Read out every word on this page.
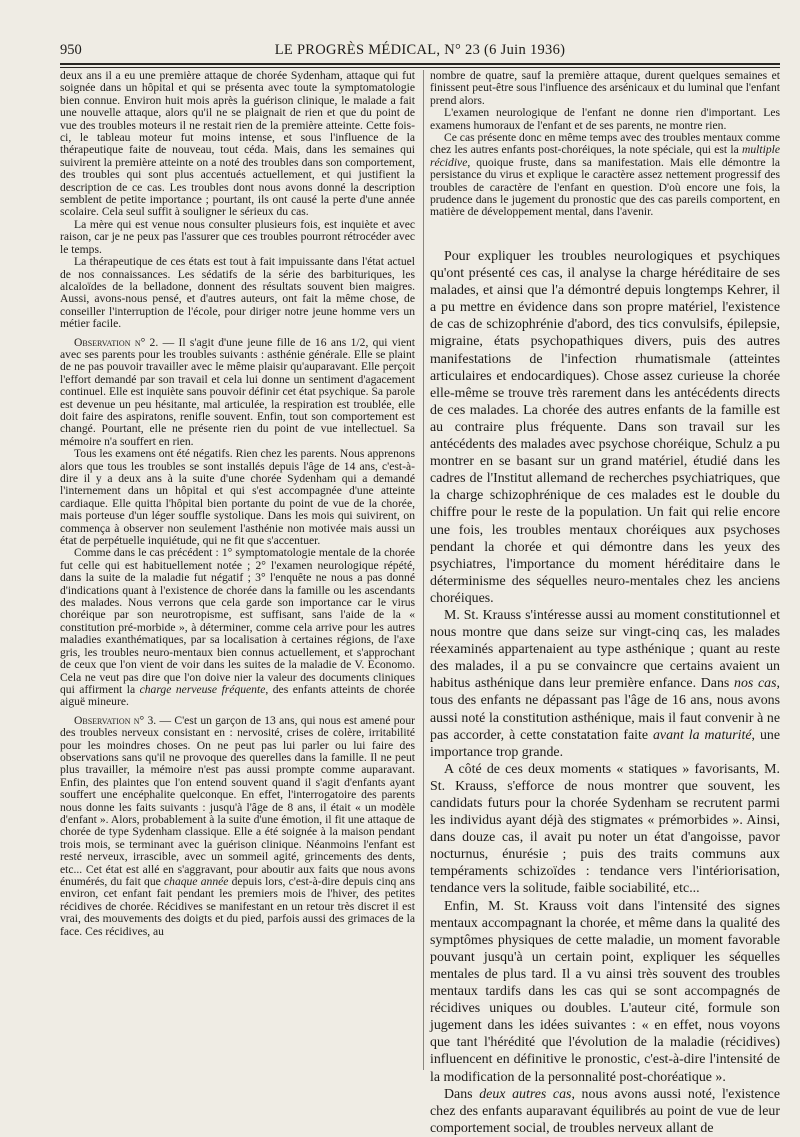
950	LE PROGRÈS MÉDICAL, N° 23 (6 Juin 1936)

deux ans il a eu une première attaque de chorée Sydenham, attaque qui fut soignée dans un hôpital et qui se présenta avec toute la symptomatologie bien connue. Environ huit mois après la guérison clinique, le malade a fait une nouvelle attaque, alors qu'il ne se plaignait de rien et que du point de vue des troubles moteurs il ne restait rien de la première atteinte. Cette fois-ci, le tableau moteur fut moins intense, et sous l'influence de la thérapeutique faite de nouveau, tout céda. Mais, dans les semaines qui suivirent la première atteinte on a noté des troubles dans son comportement, des troubles qui sont plus accentués actuellement, et qui justifient la description de ce cas. Les troubles dont nous avons donné la description semblent de petite importance ; pourtant, ils ont causé la perte d'une année scolaire. Cela seul suffit à souligner le sérieux du cas.

La mère qui est venue nous consulter plusieurs fois, est inquiète et avec raison, car je ne peux pas l'assurer que ces troubles pourront rétrocéder avec le temps.

La thérapeutique de ces états est tout à fait impuissante dans l'état actuel de nos connaissances. Les sédatifs de la série des barbituriques, les alcaloïdes de la belladone, donnent des résultats souvent bien maigres. Aussi, avons-nous pensé, et d'autres auteurs, ont fait la même chose, de conseiller l'interruption de l'école, pour diriger notre jeune homme vers un métier facile.

Observation n° 2. — Il s'agit d'une jeune fille de 16 ans 1/2, qui vient avec ses parents pour les troubles suivants : asthénie générale. Elle se plaint de ne pas pouvoir travailler avec le même plaisir qu'auparavant. Elle perçoit l'effort demandé par son travail et cela lui donne un sentiment d'agacement continuel. Elle est inquiète sans pouvoir définir cet état psychique. Sa parole est devenue un peu hésitante, mal articulée, la respiration est troublée, elle doit faire des aspiratons, renifle souvent. Enfin, tout son comportement est changé. Pourtant, elle ne présente rien du point de vue intellectuel. Sa mémoire n'a souffert en rien.

Tous les examens ont été négatifs. Rien chez les parents. Nous apprenons alors que tous les troubles se sont installés depuis l'âge de 14 ans, c'est-à-dire il y a deux ans à la suite d'une chorée Sydenham qui a demandé l'internement dans un hôpital et qui s'est accompagnée d'une atteinte cardiaque. Elle quitta l'hôpital bien portante du point de vue de la chorée, mais porteuse d'un léger souffle systolique. Dans les mois qui suivirent, on commença à observer non seulement l'asthénie non motivée mais aussi un état de perpétuelle inquiétude, qui ne fit que s'accentuer.

Comme dans le cas précédent : 1° symptomatologie mentale de la chorée fut celle qui est habituellement notée ; 2° l'examen neurologique répété, dans la suite de la maladie fut négatif ; 3° l'enquête ne nous a pas donné d'indications quant à l'existence de chorée dans la famille ou les ascendants des malades. Nous verrons que cela garde son importance car le virus choréique par son neurotropisme, est suffisant, sans l'aide de la « constitution pré-morbide », à déterminer, comme cela arrive pour les autres maladies exanthématiques, par sa localisation à certaines régions, de l'axe gris, les troubles neuro-mentaux bien connus actuellement, et s'approchant de ceux que l'on vient de voir dans les suites de la maladie de V. Economo. Cela ne veut pas dire que l'on doive nier la valeur des documents cliniques qui affirment la charge nerveuse fréquente, des enfants atteints de chorée aiguë mineure.

Observation n° 3. — C'est un garçon de 13 ans, qui nous est amené pour des troubles nerveux consistant en : nervosité, crises de colère, irritabilité pour les moindres choses. On ne peut pas lui parler ou lui faire des observations sans qu'il ne provoque des querelles dans la famille. Il ne peut plus travailler, la mémoire n'est pas aussi prompte comme auparavant. Enfin, des plaintes que l'on entend souvent quand il s'agit d'enfants ayant souffert une encéphalite quelconque. En effet, l'interrogatoire des parents nous donne les faits suivants : jusqu'à l'âge de 8 ans, il était « un modèle d'enfant ». Alors, probablement à la suite d'une émotion, il fit une attaque de chorée de type Sydenham classique. Elle a été soignée à la maison pendant trois mois, se terminant avec la guérison clinique. Néanmoins l'enfant est resté nerveux, irrascible, avec un sommeil agité, grincements des dents, etc... Cet état est allé en s'aggravant, pour aboutir aux faits que nous avons énumérés, du fait que chaque année depuis lors, c'est-à-dire depuis cinq ans environ, cet enfant fait pendant les premiers mois de l'hiver, des petites récidives de chorée. Récidives se manifestant en un retour très discret il est vrai, des mouvements des doigts et du pied, parfois aussi des grimaces de la face. Ces récidives, au

nombre de quatre, sauf la première attaque, durent quelques semaines et finissent peut-être sous l'influence des arsénicaux et du luminal que l'enfant prend alors.

L'examen neurologique de l'enfant ne donne rien d'important. Les examens humoraux de l'enfant et de ses parents, ne montre rien.

Ce cas présente donc en même temps avec des troubles mentaux comme chez les autres enfants post-choréiques, la note spéciale, qui est la multiple récidive, quoique fruste, dans sa manifestation. Mais elle démontre la persistance du virus et explique le caractère assez nettement progressif des troubles de caractère de l'enfant en question. D'où encore une fois, la prudence dans le jugement du pronostic que des cas pareils comportent, en matière de développement mental, dans l'avenir.

Pour expliquer les troubles neurologiques et psychiques qu'ont présenté ces cas, il analyse la charge héréditaire de ses malades, et ainsi que l'a démontré depuis longtemps Kehrer, il a pu mettre en évidence dans son propre matériel, l'existence de cas de schizophrénie d'abord, des tics convulsifs, épilepsie, migraine, états psychopathiques divers, puis des autres manifestations de l'infection rhumatismale (atteintes articulaires et endocardiques). Chose assez curieuse la chorée elle-même se trouve très rarement dans les antécédents directs de ces malades. La chorée des autres enfants de la famille est au contraire plus fréquente. Dans son travail sur les antécédents des malades avec psychose choréique, Schulz a pu montrer en se basant sur un grand matériel, étudié dans les cadres de l'Institut allemand de recherches psychiatriques, que la charge schizophrénique de ces malades est le double du chiffre pour le reste de la population. Un fait qui relie encore une fois, les troubles mentaux choréiques aux psychoses pendant la chorée et qui démontre dans les yeux des psychiatres, l'importance du moment héréditaire dans le déterminisme des séquelles neuro-mentales chez les anciens choréiques.

M. St. Krauss s'intéresse aussi au moment constitutionnel et nous montre que dans seize sur vingt-cinq cas, les malades réexaminés appartenaient au type asthénique ; quant au reste des malades, il a pu se convaincre que certains avaient un habitus asthénique dans leur première enfance. Dans nos cas, tous des enfants ne dépassant pas l'âge de 16 ans, nous avons aussi noté la constitution asthénique, mais il faut convenir à ne pas accorder, à cette constatation faite avant la maturité, une importance trop grande.

A côté de ces deux moments « statiques » favorisants, M. St. Krauss, s'efforce de nous montrer que souvent, les candidats futurs pour la chorée Sydenham se recrutent parmi les individus ayant déjà des stigmates « prémorbides ». Ainsi, dans douze cas, il avait pu noter un état d'angoisse, pavor nocturnus, énurésie ; puis des traits communs aux tempéraments schizoïdes : tendance vers l'intériorisation, tendance vers la solitude, faible sociabilité, etc...

Enfin, M. St. Krauss voit dans l'intensité des signes mentaux accompagnant la chorée, et même dans la qualité des symptômes physiques de cette maladie, un moment favorable pouvant jusqu'à un certain point, expliquer les séquelles mentales de plus tard. Il a vu ainsi très souvent des troubles mentaux tardifs dans les cas qui se sont accompagnés de récidives uniques ou doubles. L'auteur cité, formule son jugement dans les idées suivantes : « en effet, nous voyons que tant l'hérédité que l'évolution de la maladie (récidives) influencent en définitive le pronostic, c'est-à-dire l'intensité de la modification de la personnalité post-choréatique ».

Dans deux autres cas, nous avons aussi noté, l'existence chez des enfants auparavant équilibrés au point de vue de leur comportement social, de troubles nerveux allant de
